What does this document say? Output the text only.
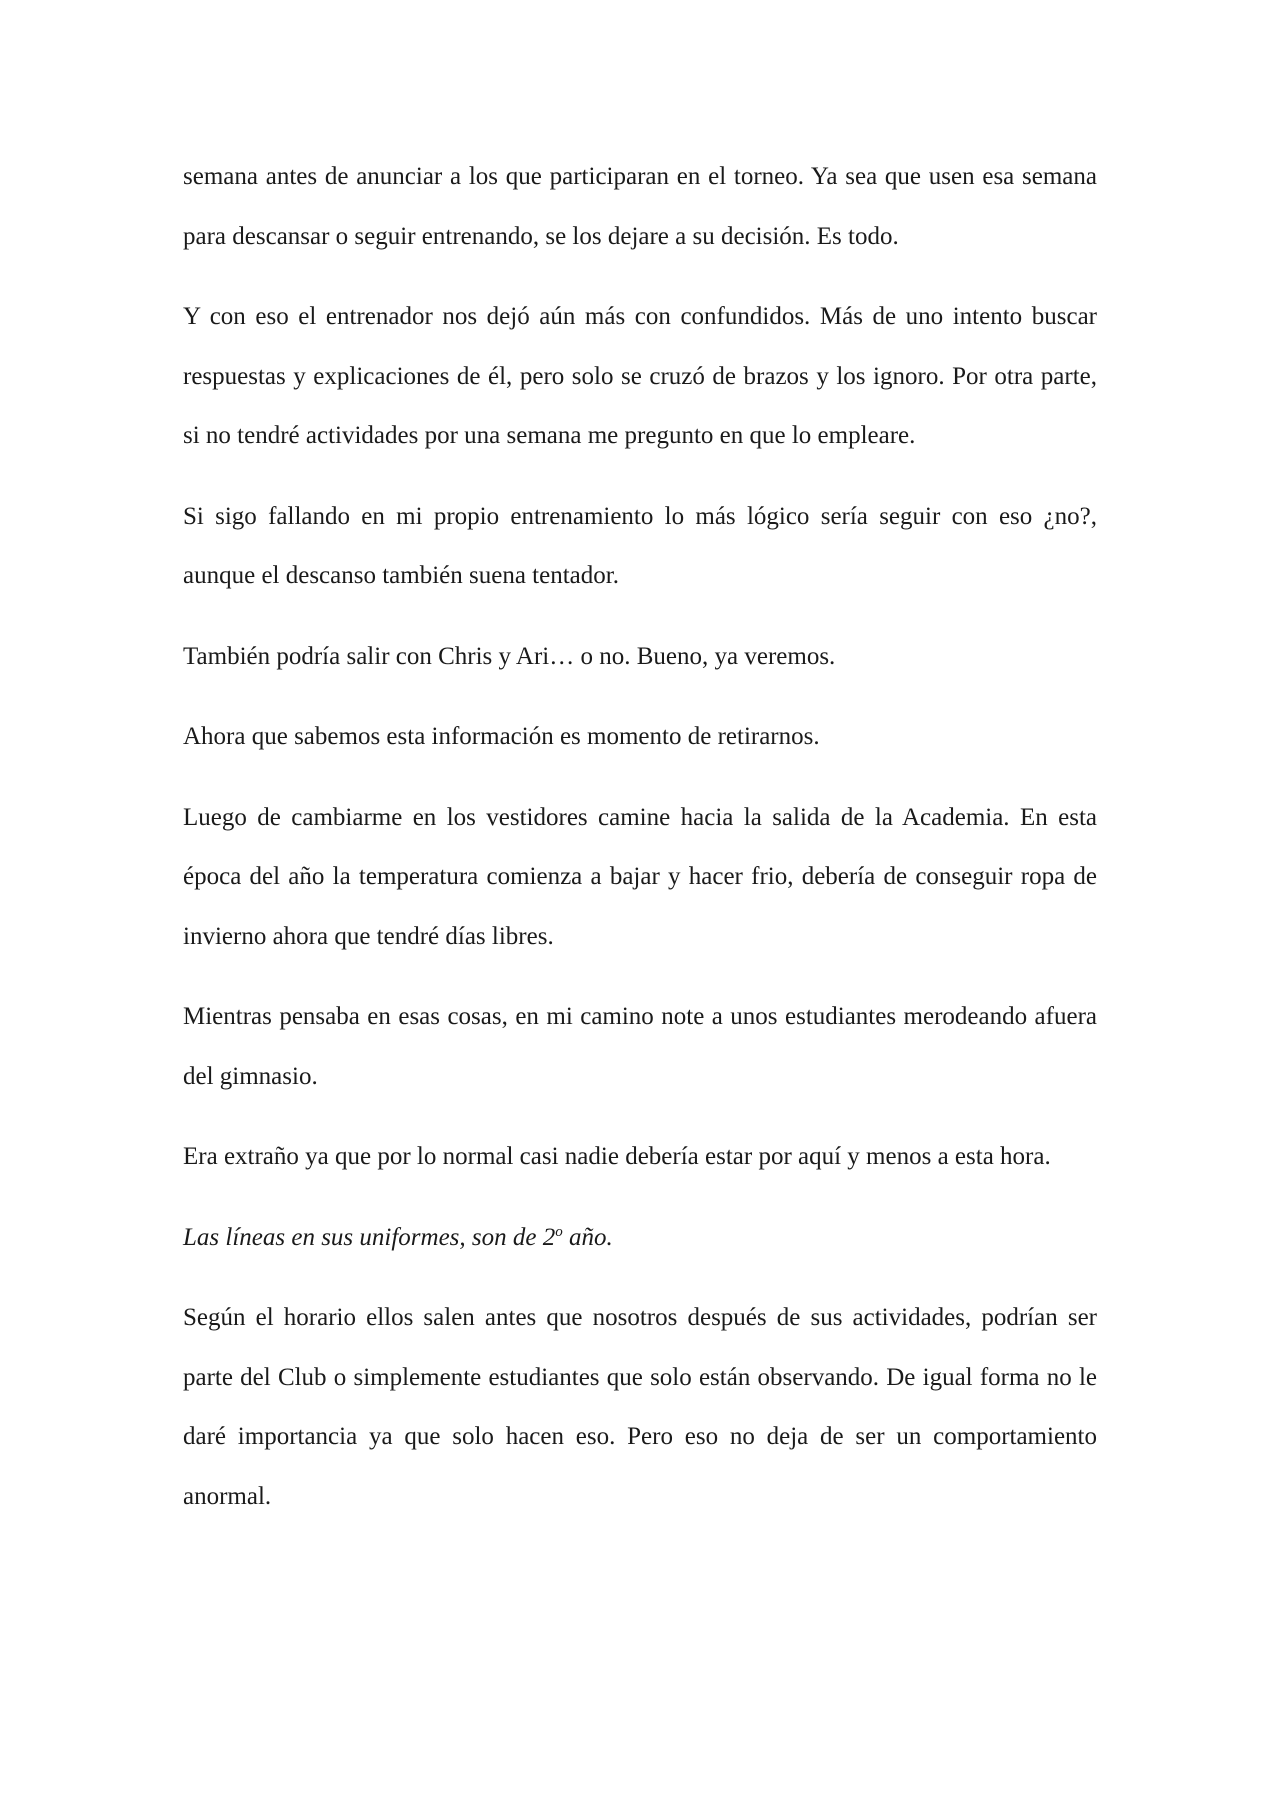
semana antes de anunciar a los que participaran en el torneo. Ya sea que usen esa semana para descansar o seguir entrenando, se los dejare a su decisión. Es todo.

Y con eso el entrenador nos dejó aún más con confundidos. Más de uno intento buscar respuestas y explicaciones de él, pero solo se cruzó de brazos y los ignoro. Por otra parte, si no tendré actividades por una semana me pregunto en que lo empleare.

Si sigo fallando en mi propio entrenamiento lo más lógico sería seguir con eso ¿no?, aunque el descanso también suena tentador.

También podría salir con Chris y Ari… o no. Bueno, ya veremos.

Ahora que sabemos esta información es momento de retirarnos.

Luego de cambiarme en los vestidores camine hacia la salida de la Academia. En esta época del año la temperatura comienza a bajar y hacer frio, debería de conseguir ropa de invierno ahora que tendré días libres.

Mientras pensaba en esas cosas, en mi camino note a unos estudiantes merodeando afuera del gimnasio.

Era extraño ya que por lo normal casi nadie debería estar por aquí y menos a esta hora.

Las líneas en sus uniformes, son de 2$^o$ año.

Según el horario ellos salen antes que nosotros después de sus actividades, podrían ser parte del Club o simplemente estudiantes que solo están observando. De igual forma no le daré importancia ya que solo hacen eso. Pero eso no deja de ser un comportamiento anormal.
